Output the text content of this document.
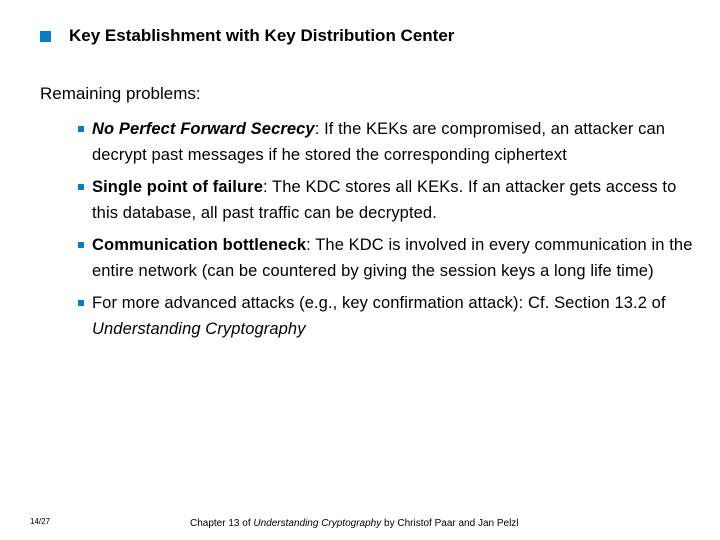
Key Establishment with Key Distribution Center
Remaining problems:
No Perfect Forward Secrecy: If the KEKs are compromised, an attacker can decrypt past messages if he stored the corresponding ciphertext
Single point of failure: The KDC stores all KEKs. If an attacker gets access to this database, all past traffic can be decrypted.
Communication bottleneck: The KDC is involved in every communication in the entire network (can be countered by giving the session keys a long life time)
For more advanced attacks (e.g., key confirmation attack): Cf. Section 13.2 of Understanding Cryptography
14/27	Chapter 13 of Understanding Cryptography by Christof Paar and Jan Pelzl
